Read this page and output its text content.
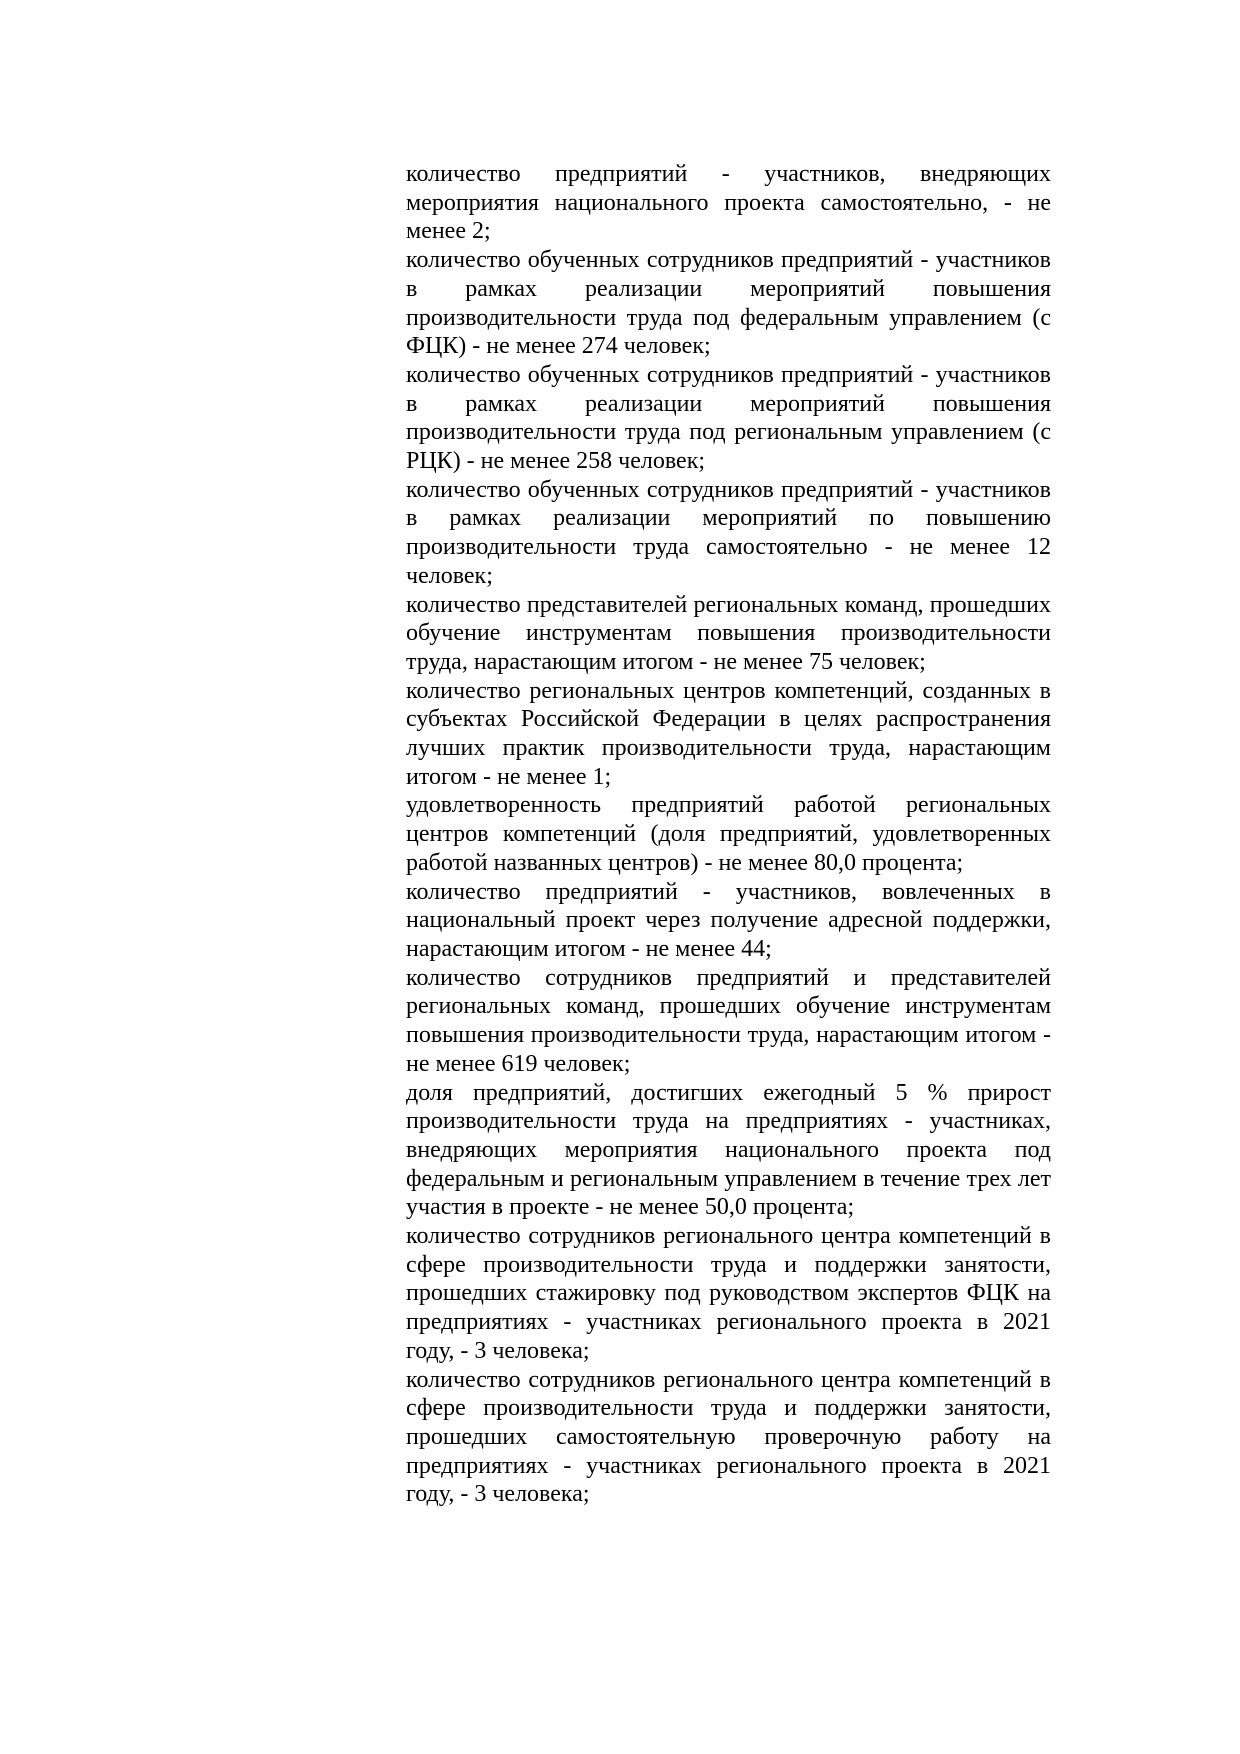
количество предприятий - участников, внедряющих мероприятия национального проекта самостоятельно, - не менее 2;

количество обученных сотрудников предприятий - участников в рамках реализации мероприятий повышения производительности труда под федеральным управлением (с ФЦК) - не менее 274 человек;

количество обученных сотрудников предприятий - участников в рамках реализации мероприятий повышения производительности труда под региональным управлением (с РЦК) - не менее 258 человек;

количество обученных сотрудников предприятий - участников в рамках реализации мероприятий по повышению производительности труда самостоятельно - не менее 12 человек;

количество представителей региональных команд, прошедших обучение инструментам повышения производительности труда, нарастающим итогом - не менее 75 человек;

количество региональных центров компетенций, созданных в субъектах Российской Федерации в целях распространения лучших практик производительности труда, нарастающим итогом - не менее 1;

удовлетворенность предприятий работой региональных центров компетенций (доля предприятий, удовлетворенных работой названных центров) - не менее 80,0 процента;

количество предприятий - участников, вовлеченных в национальный проект через получение адресной поддержки, нарастающим итогом - не менее 44;

количество сотрудников предприятий и представителей региональных команд, прошедших обучение инструментам повышения производительности труда, нарастающим итогом - не менее 619 человек;

доля предприятий, достигших ежегодный 5 % прирост производительности труда на предприятиях - участниках, внедряющих мероприятия национального проекта под федеральным и региональным управлением в течение трех лет участия в проекте - не менее 50,0 процента;

количество сотрудников регионального центра компетенций в сфере производительности труда и поддержки занятости, прошедших стажировку под руководством экспертов ФЦК на предприятиях - участниках регионального проекта в 2021 году, - 3 человека;

количество сотрудников регионального центра компетенций в сфере производительности труда и поддержки занятости, прошедших самостоятельную проверочную работу на предприятиях - участниках регионального проекта в 2021 году, - 3 человека;
